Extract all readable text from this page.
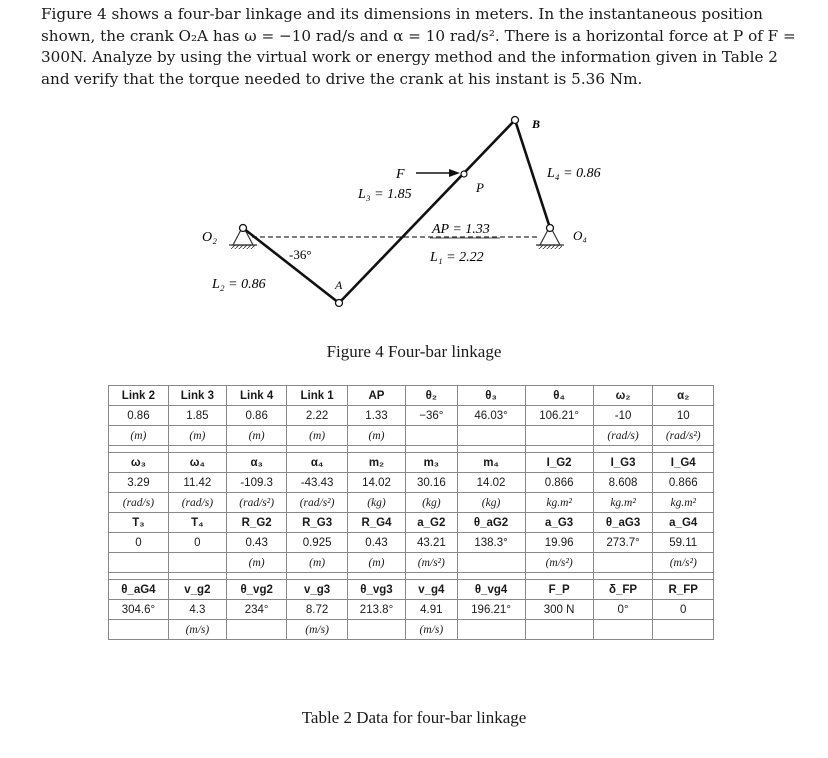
Figure 4 shows a four-bar linkage and its dimensions in meters. In the instantaneous position shown, the crank O₂A has ω = −10 rad/s and α = 10 rad/s². There is a horizontal force at P of F = 300N. Analyze by using the virtual work or energy method and the information given in Table 2 and verify that the torque needed to drive the crank at his instant is 5.36 Nm.

B
F
P
L₃ = 1.85
L₄ = 0.86
AP = 1.33
L₁ = 2.22
O₂	O₄
-36°
L₂ = 0.86	A
Figure 4 Four-bar linkage
Link 2	Link 3	Link 4	Link 1	AP	θ₂	θ₃	θ₄	ω₂	α₂
0.86	1.85	0.86	2.22	1.33	−36°	46.03°	106.21°	-10	10
(m)	(m)	(m)	(m)	(m)				(rad/s)	(rad/s²)

ω₃	ω₄	α₃	α₄	m₂	m₃	m₄	I_G2	I_G3	I_G4
3.29	11.42	-109.3	-43.43	14.02	30.16	14.02	0.866	8.608	0.866
(rad/s)	(rad/s)	(rad/s²)	(rad/s²)	(kg)	(kg)	(kg)	kg.m²	kg.m²	kg.m²
T₃	T₄	R_G2	R_G3	R_G4	a_G2	θ_aG2	a_G3	θ_aG3	a_G4
0	0	0.43	0.925	0.43	43.21	138.3°	19.96	273.7°	59.11
		(m)	(m)	(m)	(m/s²)		(m/s²)		(m/s²)

θ_aG4	v_g2	θ_vg2	v_g3	θ_vg3	v_g4	θ_vg4	F_P	δ_FP	R_FP
304.6°	4.3	234°	8.72	213.8°	4.91	196.21°	300 N	0°	0
	(m/s)		(m/s)		(m/s)				
Table 2 Data for four-bar linkage
